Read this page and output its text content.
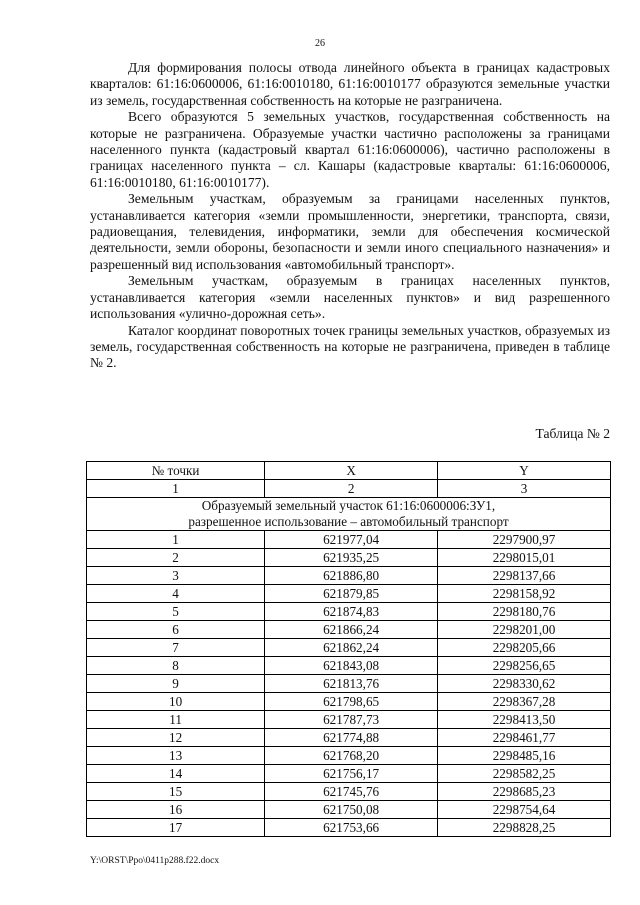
26

Для формирования полосы отвода линейного объекта в границах кадастровых кварталов: 61:16:0600006, 61:16:0010180, 61:16:0010177 образуются земельные участки из земель, государственная собственность на которые не разграничена.

Всего образуются 5 земельных участков, государственная собственность на которые не разграничена. Образуемые участки частично расположены за границами населенного пункта (кадастровый квартал 61:16:0600006), частично расположены в границах населенного пункта – сл. Кашары (кадастровые кварталы: 61:16:0600006, 61:16:0010180, 61:16:0010177).

Земельным участкам, образуемым за границами населенных пунктов, устанавливается категория «земли промышленности, энергетики, транспорта, связи, радиовещания, телевидения, информатики, земли для обеспечения космической деятельности, земли обороны, безопасности и земли иного специального назначения» и разрешенный вид использования «автомобильный транспорт».

Земельным участкам, образуемым в границах населенных пунктов, устанавливается категория «земли населенных пунктов» и вид разрешенного использования «улично-дорожная сеть».

Каталог координат поворотных точек границы земельных участков, образуемых из земель, государственная собственность на которые не разграничена, приведен в таблице № 2.

Таблица № 2
№ точки	X	Y
1	2	3
Образуемый земельный участок 61:16:0600006:ЗУ1,
разрешенное использование – автомобильный транспорт		
1	621977,04	2297900,97
2	621935,25	2298015,01
3	621886,80	2298137,66
4	621879,85	2298158,92
5	621874,83	2298180,76
6	621866,24	2298201,00
7	621862,24	2298205,66
8	621843,08	2298256,65
9	621813,76	2298330,62
10	621798,65	2298367,28
11	621787,73	2298413,50
12	621774,88	2298461,77
13	621768,20	2298485,16
14	621756,17	2298582,25
15	621745,76	2298685,23
16	621750,08	2298754,64
17	621753,66	2298828,25
Y:\ORST\Ppo\0411p288.f22.docx
